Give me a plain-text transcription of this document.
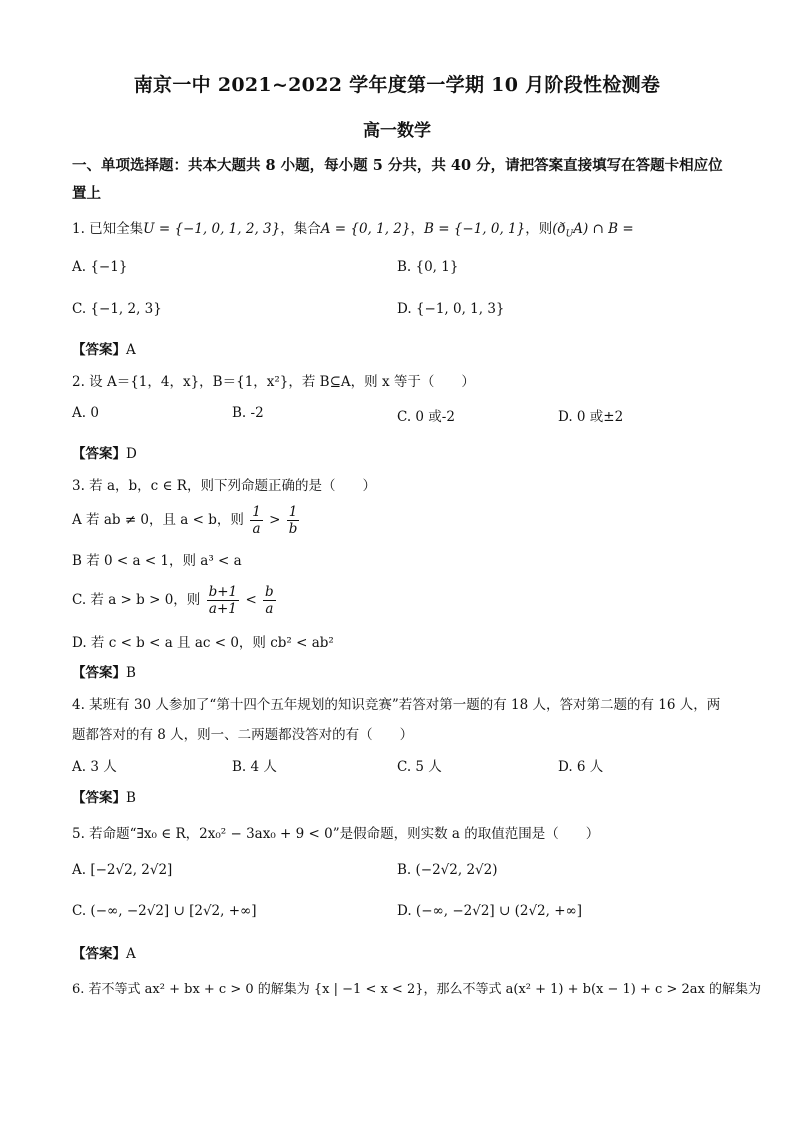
南京一中 2021~2022 学年度第一学期 10 月阶段性检测卷
高一数学
一、单项选择题：共本大题共 8 小题，每小题 5 分共，共 40 分，请把答案直接填写在答题卡相应位置上
1. 已知全集U = {−1, 0, 1, 2, 3}，集合A = {0, 1, 2}，B = {−1, 0, 1}，则$(ð_UA)$ ∩ B =
A. {−1}	B. {0, 1}
C. {−1, 2, 3}	D. {−1, 0, 1, 3}
【答案】A
2. 设 A＝{1，4，x}，B＝{1，x²}，若 B⊆A，则 x 等于（　　）
A. 0	B. -2	C. 0 或-2	D. 0 或±2
【答案】D
3. 若 a，b，c ∈ R，则下列命题正确的是（　　）
A 若 ab ≠ 0，且 a < b，则 $\frac{1}{a} > \frac{1}{b}$
B 若 0 < a < 1，则 a³ < a
C. 若 a > b > 0，则 $\frac{b+1}{a+1} < \frac{b}{a}$
D. 若 c < b < a 且 ac < 0，则 cb² < ab²
【答案】B
4. 某班有 30 人参加了“第十四个五年规划的知识竞赛”若答对第一题的有 18 人，答对第二题的有 16 人，两
题都答对的有 8 人，则一、二两题都没答对的有（　　）
A. 3 人	B. 4 人	C. 5 人	D. 6 人
【答案】B
5. 若命题“∃x₀ ∈ R，2x₀² − 3ax₀ + 9 < 0”是假命题，则实数 a 的取值范围是（　　）
A. [−2√2, 2√2]	B. (−2√2, 2√2)
C. (−∞, −2√2] ∪ [2√2, +∞]	D. (−∞, −2√2] ∪ (2√2, +∞]
【答案】A
6. 若不等式 ax² + bx + c > 0 的解集为 {x | −1 < x < 2}，那么不等式 a(x² + 1) + b(x − 1) + c > 2ax 的解集为
